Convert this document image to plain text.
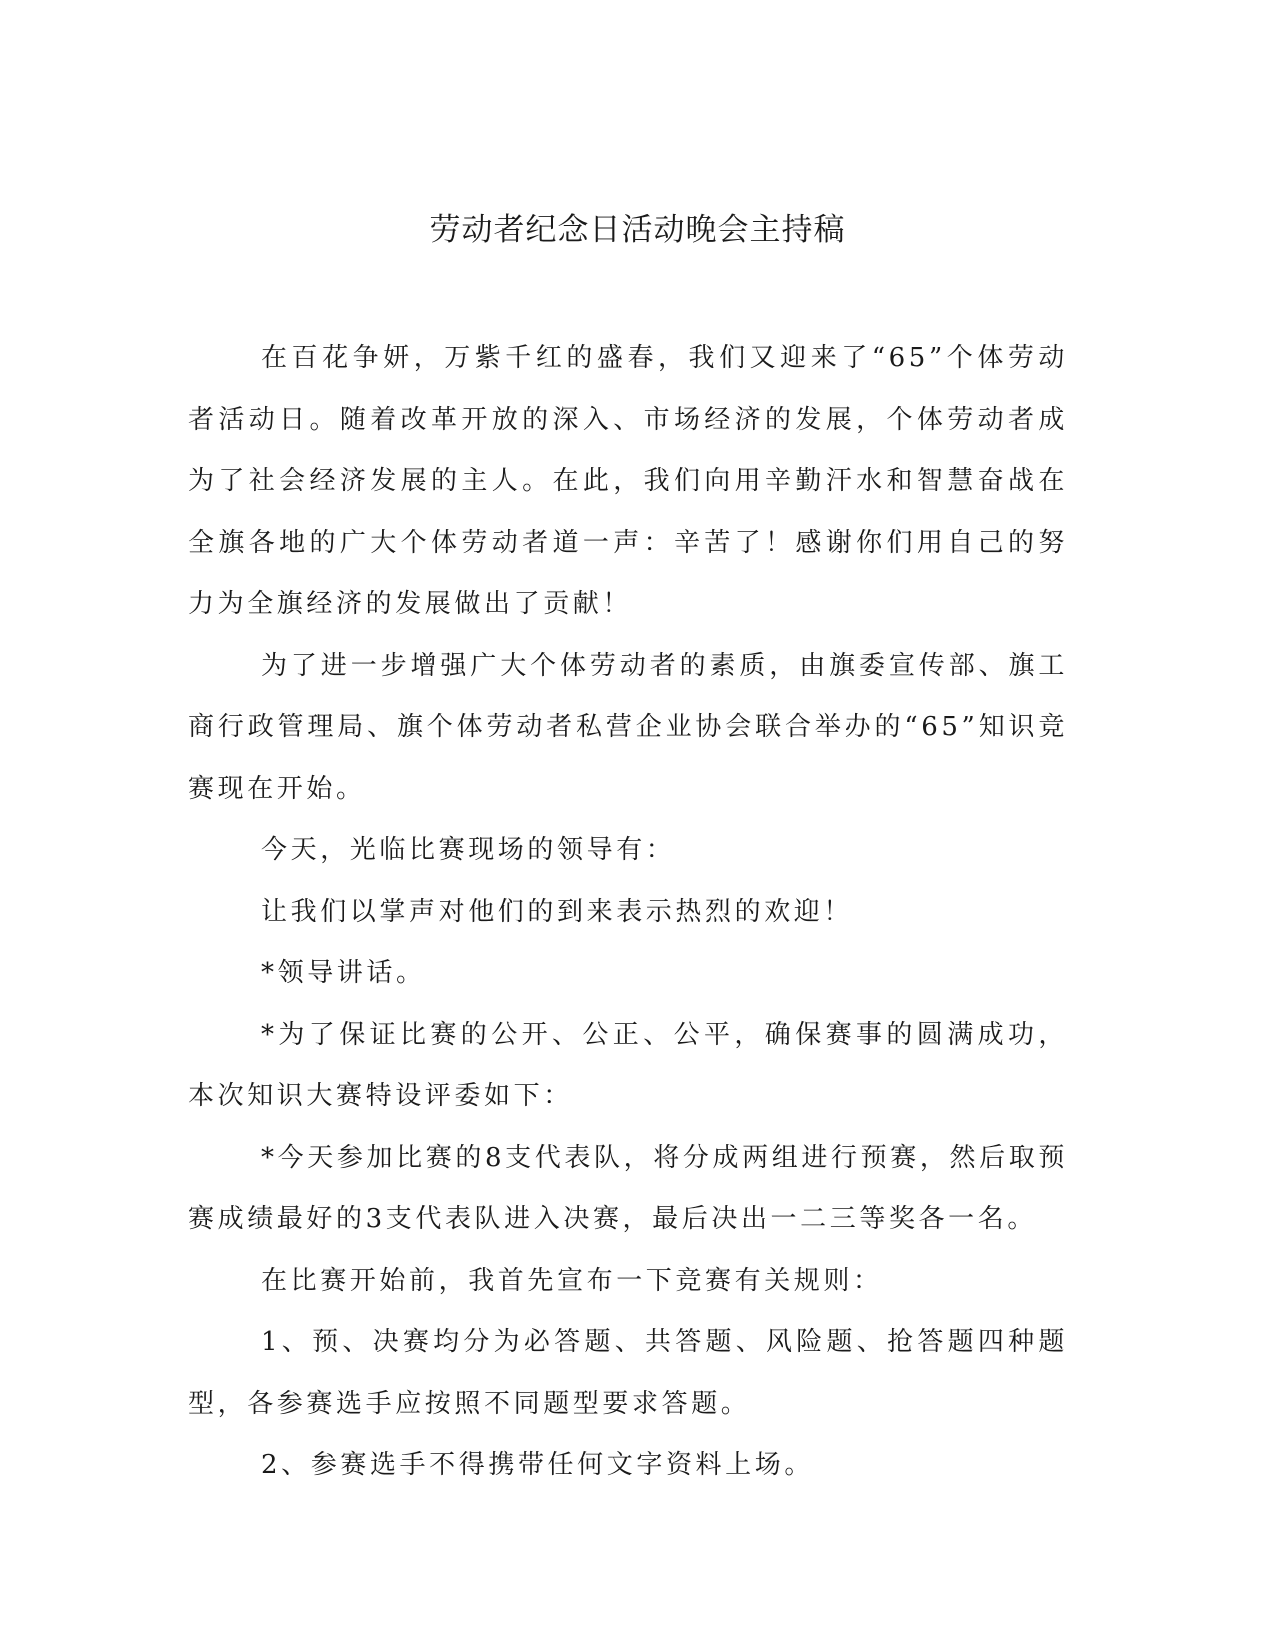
劳动者纪念日活动晚会主持稿

在百花争妍，万紫千红的盛春，我们又迎来了“65”个体劳动者活动日。随着改革开放的深入、市场经济的发展，个体劳动者成为了社会经济发展的主人。在此，我们向用辛勤汗水和智慧奋战在全旗各地的广大个体劳动者道一声：辛苦了！感谢你们用自己的努力为全旗经济的发展做出了贡献！

为了进一步增强广大个体劳动者的素质，由旗委宣传部、旗工商行政管理局、旗个体劳动者私营企业协会联合举办的“65”知识竞赛现在开始。

今天，光临比赛现场的领导有：

让我们以掌声对他们的到来表示热烈的欢迎！

*领导讲话。

*为了保证比赛的公开、公正、公平，确保赛事的圆满成功，本次知识大赛特设评委如下：

*今天参加比赛的8支代表队，将分成两组进行预赛，然后取预赛成绩最好的3支代表队进入决赛，最后决出一二三等奖各一名。

在比赛开始前，我首先宣布一下竞赛有关规则：

1、预、决赛均分为必答题、共答题、风险题、抢答题四种题型，各参赛选手应按照不同题型要求答题。

2、参赛选手不得携带任何文字资料上场。
